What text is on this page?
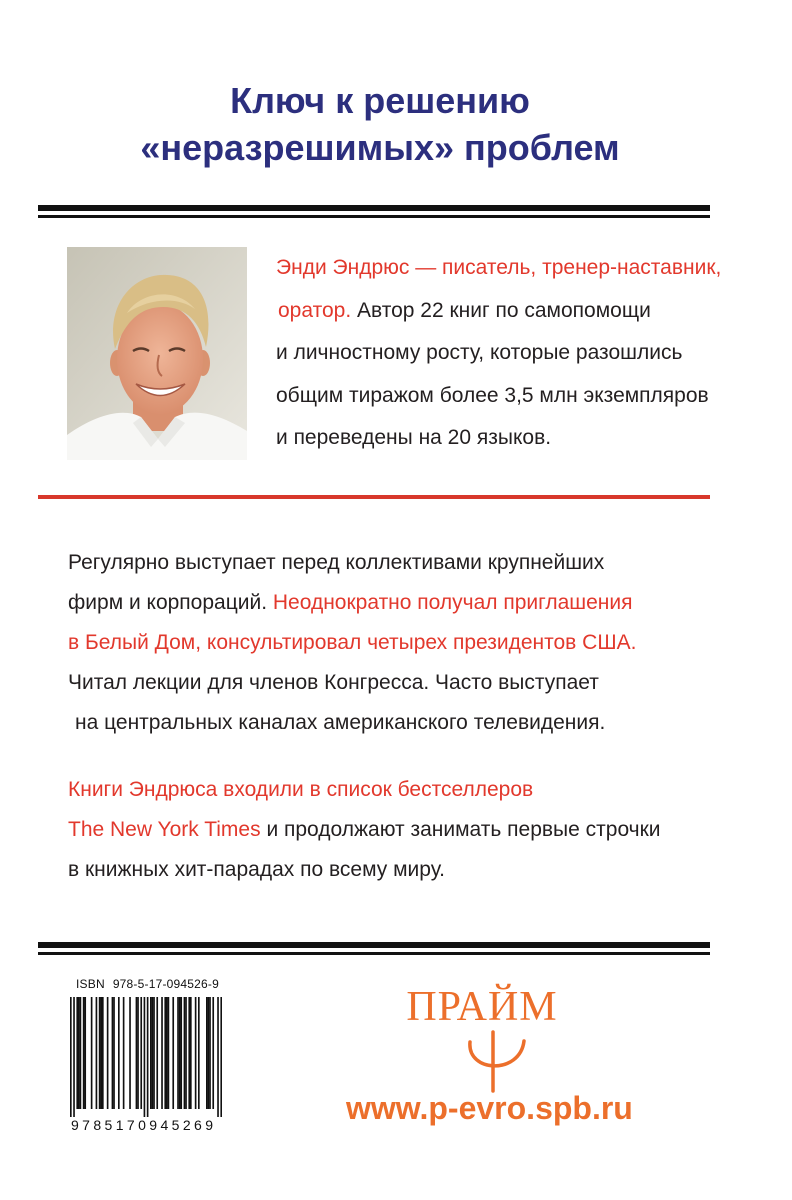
Ключ к решению
«неразрешимых» проблем
Энди Эндрюс — писатель, тренер-наставник,
оратор. Автор 22 книг по самопомощи
и личностному росту, которые разошлись
общим тиражом более 3,5 млн экземпляров
и переведены на 20 языков.
Регулярно выступает перед коллективами крупнейших
фирм и корпораций. Неоднократно получал приглашения
в Белый Дом, консультировал четырех президентов США.
Читал лекции для членов Конгресса. Часто выступает
на центральных каналах американского телевидения.
Книги Эндрюса входили в список бестселлеров
The New York Times и продолжают занимать первые строчки
в книжных хит-парадах по всему миру.
ISBN 978-5-17-094526-9
9785170945269
ПРАЙМ
www.p-evro.spb.ru
